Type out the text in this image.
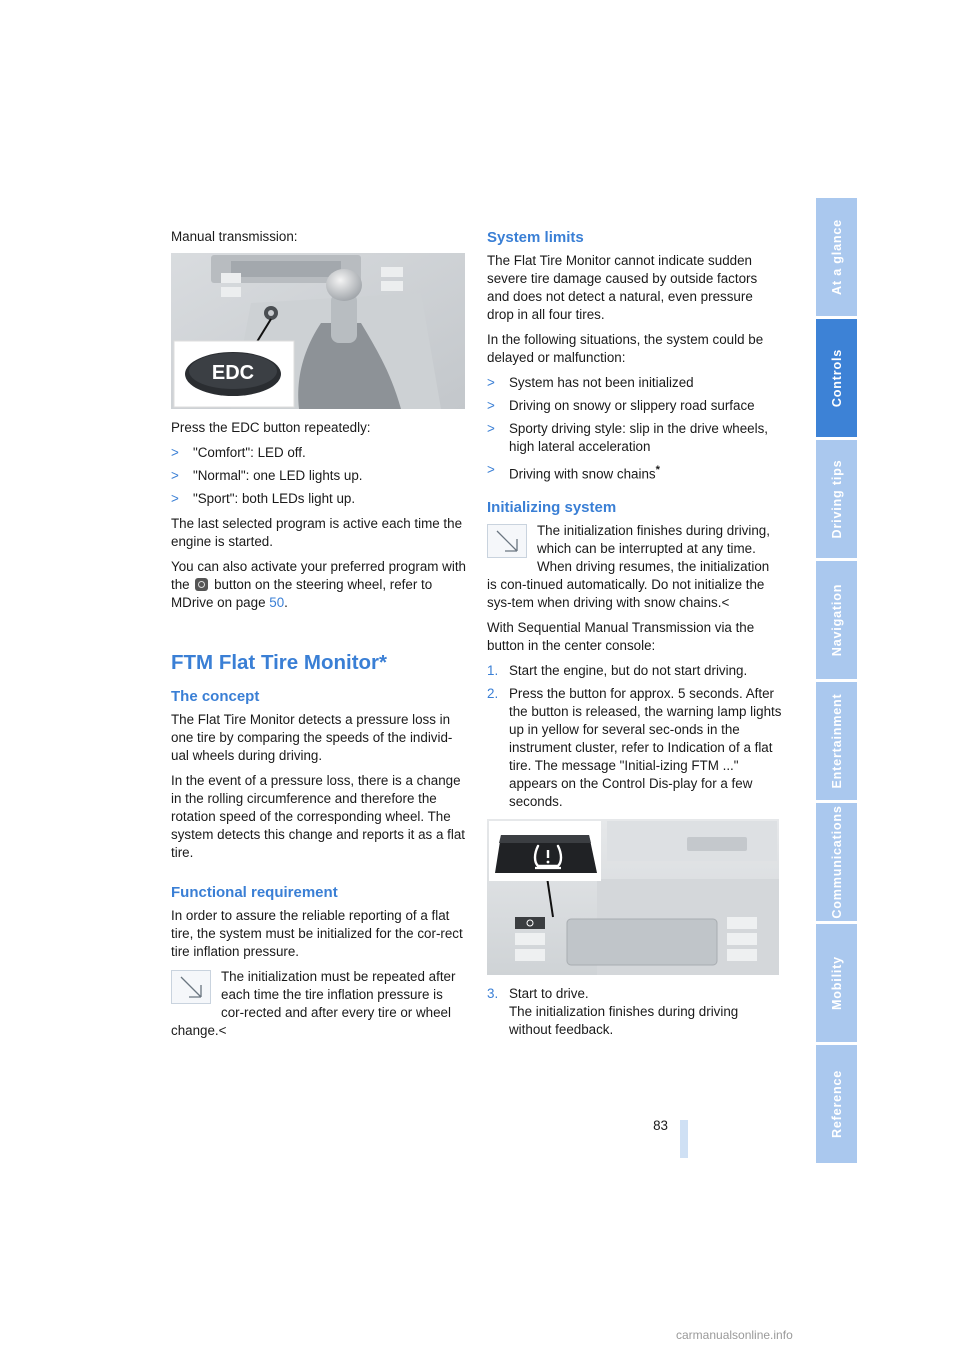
Manual transmission:

EDC

Press the EDC button repeatedly:

> "Comfort": LED off.
> "Normal": one LED lights up.
> "Sport": both LEDs light up.

The last selected program is active each time the engine is started.

You can also activate your preferred program with the button on the steering wheel, refer to MDrive on page 50.

FTM Flat Tire Monitor*
The concept

The Flat Tire Monitor detects a pressure loss in one tire by comparing the speeds of the individ-ual wheels during driving.

In the event of a pressure loss, there is a change in the rolling circumference and therefore the rotation speed of the corresponding wheel. The system detects this change and reports it as a flat tire.

Functional requirement

In order to assure the reliable reporting of a flat tire, the system must be initialized for the cor-rect tire inflation pressure.

The initialization must be repeated after each time the tire inflation pressure is cor-rected and after every tire or wheel change.<
System limits

The Flat Tire Monitor cannot indicate sudden severe tire damage caused by outside factors and does not detect a natural, even pressure drop in all four tires.

In the following situations, the system could be delayed or malfunction:

> System has not been initialized
> Driving on snowy or slippery road surface
> Sporty driving style: slip in the drive wheels, high lateral acceleration
> Driving with snow chains*
Initializing system
The initialization finishes during driving, which can be interrupted at any time. When driving resumes, the initialization is con-tinued automatically. Do not initialize the sys-tem when driving with snow chains.<

With Sequential Manual Transmission via the button in the center console:

1. Start the engine, but do not start driving.
2. Press the button for approx. 5 seconds. After the button is released, the warning lamp lights up in yellow for several sec-onds in the instrument cluster, refer to Indication of a flat tire. The message "Initial-izing FTM ..." appears on the Control Dis-play for a few seconds.
3. Start to drive.
The initialization finishes during driving without feedback.
83
At a glance
Controls
Driving tips
Navigation
Entertainment
Communications
Mobility
Reference
carmanualsonline.info
